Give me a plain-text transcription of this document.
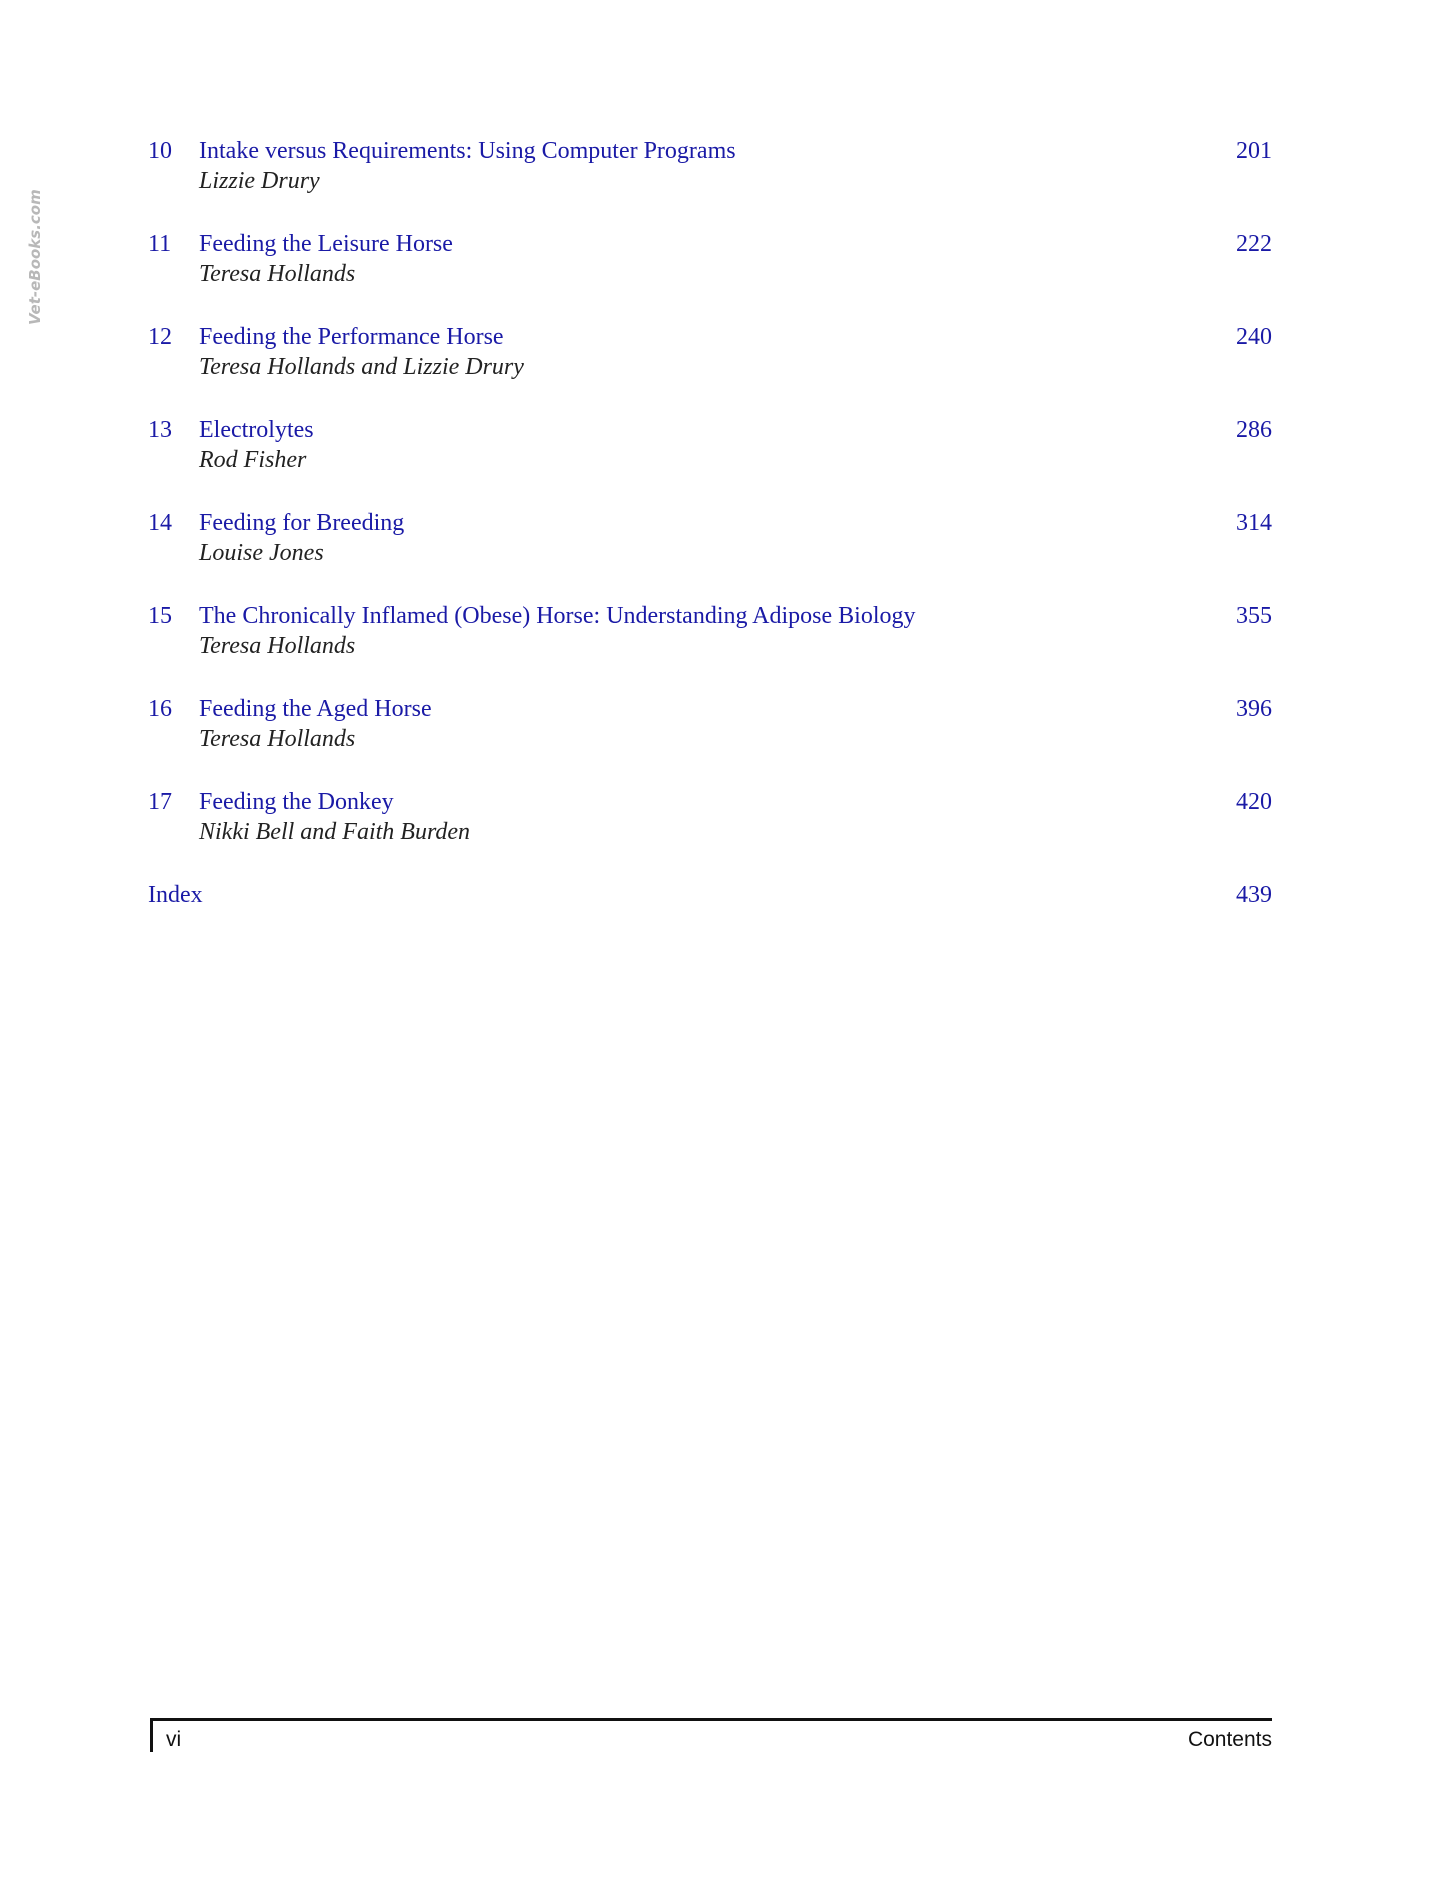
Vet-eBooks.com
10 Intake versus Requirements: Using Computer Programs	201
Lizzie Drury
11 Feeding the Leisure Horse	222
Teresa Hollands
12 Feeding the Performance Horse	240
Teresa Hollands and Lizzie Drury
13 Electrolytes	286
Rod Fisher
14 Feeding for Breeding	314
Louise Jones
15 The Chronically Inflamed (Obese) Horse: Understanding Adipose Biology	355
Teresa Hollands
16 Feeding the Aged Horse	396
Teresa Hollands
17 Feeding the Donkey	420
Nikki Bell and Faith Burden
Index	439
vi	Contents
